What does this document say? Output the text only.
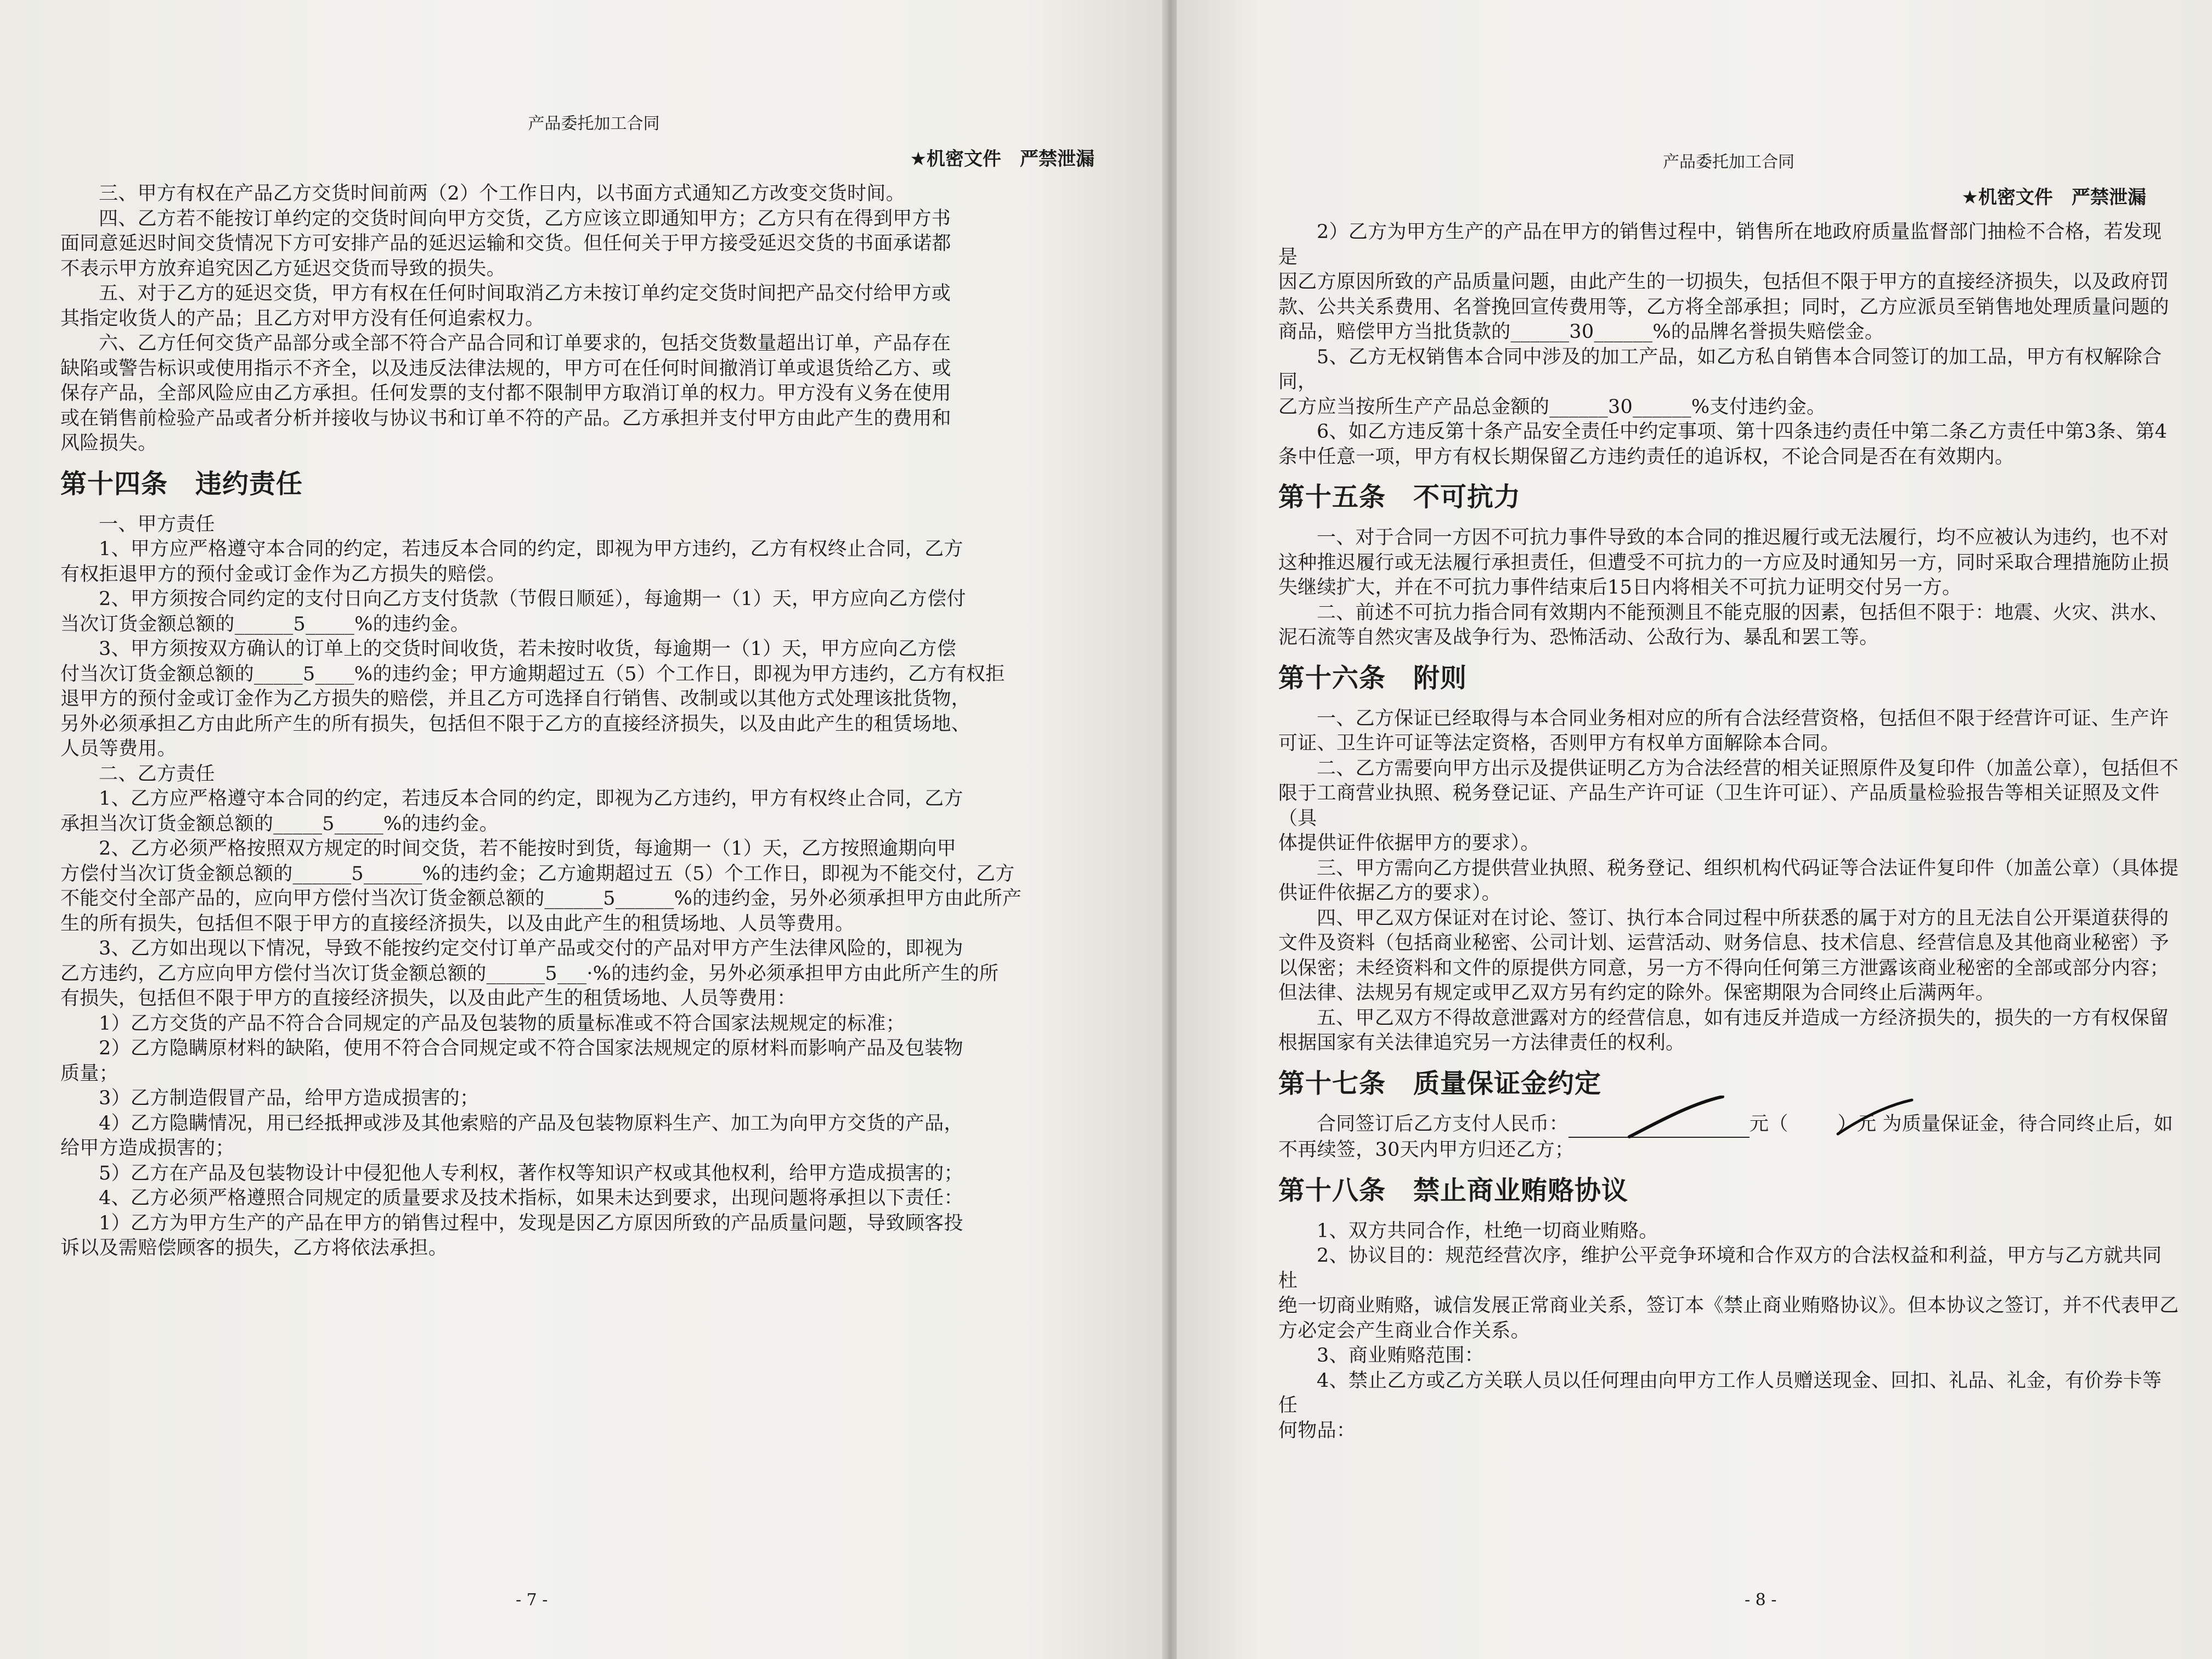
产品委托加工合同
★机密文件　严禁泄漏

三、甲方有权在产品乙方交货时间前两（2）个工作日内，以书面方式通知乙方改变交货时间。

四、乙方若不能按订单约定的交货时间向甲方交货，乙方应该立即通知甲方；乙方只有在得到甲方书

面同意延迟时间交货情况下方可安排产品的延迟运输和交货。但任何关于甲方接受延迟交货的书面承诺都

不表示甲方放弃追究因乙方延迟交货而导致的损失。

五、对于乙方的延迟交货，甲方有权在任何时间取消乙方未按订单约定交货时间把产品交付给甲方或

其指定收货人的产品；且乙方对甲方没有任何追索权力。

六、乙方任何交货产品部分或全部不符合产品合同和订单要求的，包括交货数量超出订单，产品存在

缺陷或警告标识或使用指示不齐全，以及违反法律法规的，甲方可在任何时间撤消订单或退货给乙方、或

保存产品，全部风险应由乙方承担。任何发票的支付都不限制甲方取消订单的权力。甲方没有义务在使用

或在销售前检验产品或者分析并接收与协议书和订单不符的产品。乙方承担并支付甲方由此产生的费用和

风险损失。

第十四条 违约责任

一、甲方责任

1、甲方应严格遵守本合同的约定，若违反本合同的约定，即视为甲方违约，乙方有权终止合同，乙方

有权拒退甲方的预付金或订金作为乙方损失的赔偿。

2、甲方须按合同约定的支付日向乙方支付货款（节假日顺延），每逾期一（1）天，甲方应向乙方偿付

当次订货金额总额的______5_____%的违约金。

3、甲方须按双方确认的订单上的交货时间收货，若未按时收货，每逾期一（1）天，甲方应向乙方偿

付当次订货金额总额的_____5____%的违约金；甲方逾期超过五（5）个工作日，即视为甲方违约，乙方有权拒

退甲方的预付金或订金作为乙方损失的赔偿，并且乙方可选择自行销售、改制或以其他方式处理该批货物，

另外必须承担乙方由此所产生的所有损失，包括但不限于乙方的直接经济损失，以及由此产生的租赁场地、

人员等费用。

二、乙方责任

1、乙方应严格遵守本合同的约定，若违反本合同的约定，即视为乙方违约，甲方有权终止合同，乙方

承担当次订货金额总额的_____5_____%的违约金。

2、乙方必须严格按照双方规定的时间交货，若不能按时到货，每逾期一（1）天，乙方按照逾期向甲

方偿付当次订货金额总额的______5______%的违约金；乙方逾期超过五（5）个工作日，即视为不能交付，乙方

不能交付全部产品的，应向甲方偿付当次订货金额总额的______5______%的违约金，另外必须承担甲方由此所产

生的所有损失，包括但不限于甲方的直接经济损失，以及由此产生的租赁场地、人员等费用。

3、乙方如出现以下情况，导致不能按约定交付订单产品或交付的产品对甲方产生法律风险的，即视为

乙方违约，乙方应向甲方偿付当次订货金额总额的______5___·%的违约金，另外必须承担甲方由此所产生的所

有损失，包括但不限于甲方的直接经济损失，以及由此产生的租赁场地、人员等费用：

1）乙方交货的产品不符合合同规定的产品及包装物的质量标准或不符合国家法规规定的标准；

2）乙方隐瞒原材料的缺陷，使用不符合合同规定或不符合国家法规规定的原材料而影响产品及包装物

质量；

3）乙方制造假冒产品，给甲方造成损害的；

4）乙方隐瞒情况，用已经抵押或涉及其他索赔的产品及包装物原料生产、加工为向甲方交货的产品，

给甲方造成损害的；

5）乙方在产品及包装物设计中侵犯他人专利权，著作权等知识产权或其他权利，给甲方造成损害的；

4、乙方必须严格遵照合同规定的质量要求及技术指标，如果未达到要求，出现问题将承担以下责任：

1）乙方为甲方生产的产品在甲方的销售过程中，发现是因乙方原因所致的产品质量问题，导致顾客投

诉以及需赔偿顾客的损失，乙方将依法承担。

- 7 -
产品委托加工合同
★机密文件　严禁泄漏

2）乙方为甲方生产的产品在甲方的销售过程中，销售所在地政府质量监督部门抽检不合格，若发现是

因乙方原因所致的产品质量问题，由此产生的一切损失，包括但不限于甲方的直接经济损失，以及政府罚

款、公共关系费用、名誉挽回宣传费用等，乙方将全部承担；同时，乙方应派员至销售地处理质量问题的

商品，赔偿甲方当批货款的______30______%的品牌名誉损失赔偿金。

5、乙方无权销售本合同中涉及的加工产品，如乙方私自销售本合同签订的加工品，甲方有权解除合同，

乙方应当按所生产产品总金额的______30______%支付违约金。

6、如乙方违反第十条产品安全责任中约定事项、第十四条违约责任中第二条乙方责任中第3条、第4

条中任意一项，甲方有权长期保留乙方违约责任的追诉权，不论合同是否在有效期内。

第十五条 不可抗力

一、对于合同一方因不可抗力事件导致的本合同的推迟履行或无法履行，均不应被认为违约，也不对

这种推迟履行或无法履行承担责任，但遭受不可抗力的一方应及时通知另一方，同时采取合理措施防止损

失继续扩大，并在不可抗力事件结束后15日内将相关不可抗力证明交付另一方。

二、前述不可抗力指合同有效期内不能预测且不能克服的因素，包括但不限于：地震、火灾、洪水、

泥石流等自然灾害及战争行为、恐怖活动、公敌行为、暴乱和罢工等。

第十六条 附则

一、乙方保证已经取得与本合同业务相对应的所有合法经营资格，包括但不限于经营许可证、生产许

可证、卫生许可证等法定资格，否则甲方有权单方面解除本合同。

二、乙方需要向甲方出示及提供证明乙方为合法经营的相关证照原件及复印件（加盖公章），包括但不

限于工商营业执照、税务登记证、产品生产许可证（卫生许可证）、产品质量检验报告等相关证照及文件（具

体提供证件依据甲方的要求）。

三、甲方需向乙方提供营业执照、税务登记、组织机构代码证等合法证件复印件（加盖公章）（具体提

供证件依据乙方的要求）。

四、甲乙双方保证对在讨论、签订、执行本合同过程中所获悉的属于对方的且无法自公开渠道获得的

文件及资料（包括商业秘密、公司计划、运营活动、财务信息、技术信息、经营信息及其他商业秘密）予

以保密；未经资料和文件的原提供方同意，另一方不得向任何第三方泄露该商业秘密的全部或部分内容；

但法律、法规另有规定或甲乙双方另有约定的除外。保密期限为合同终止后满两年。

五、甲乙双方不得故意泄露对方的经营信息，如有违反并造成一方经济损失的，损失的一方有权保留

根据国家有关法律追究另一方法律责任的权利。

第十七条 质量保证金约定

合同签订后乙方支付人民币：	元（	）元 为质量保证金，待合同终止后，如

不再续签，30天内甲方归还乙方；

第十八条 禁止商业贿赂协议

1、双方共同合作，杜绝一切商业贿赂。

2、协议目的：规范经营次序，维护公平竞争环境和合作双方的合法权益和利益，甲方与乙方就共同杜

绝一切商业贿赂，诚信发展正常商业关系，签订本《禁止商业贿赂协议》。但本协议之签订，并不代表甲乙

方必定会产生商业合作关系。

3、商业贿赂范围：

4、禁止乙方或乙方关联人员以任何理由向甲方工作人员赠送现金、回扣、礼品、礼金，有价券卡等任

何物品：

- 8 -
